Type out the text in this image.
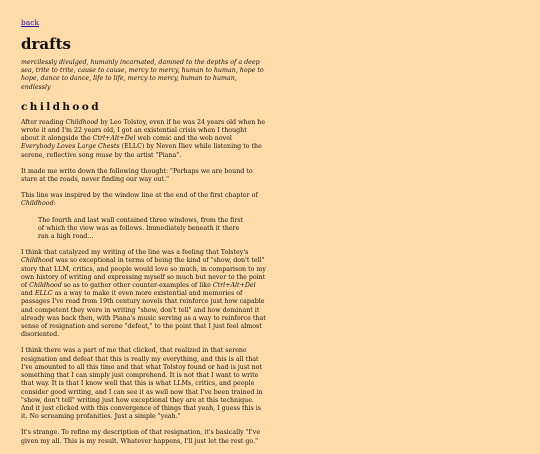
back
drafts
mercilessly divulged, humanly incarnated, damned to the depths of a deep sea, trite to trite, cause to cause, mercy to mercy, human to human, hope to hope, dance to dance, life to life, mercy to mercy, human to human, endlessly
childhood

After reading Childhood by Leo Tolstoy, even if he was 24 years old when he wrote it and I'm 22 years old, I got an existential crisis when I thought about it alongside the Ctrl+Alt+Del web comic and the web novel Everybody Loves Large Chests (ELLC) by Neven Iliev while listening to the serene, reflective song muse by the artist "Piana".

It made me write down the following thought: "Perhaps we are bound to stare at the roads, never finding our way out."

This line was inspired by the window line at the end of the first chapter of Childhood:

The fourth and last wall contained three windows, from the first of which the view was as follows. Immediately beneath it there ran a high road...

I think that catalyzed my writing of the line was a feeling that Tolstey's Childhood was so exceptional in terms of being the kind of "show, don't tell" story that LLM, critics, and people would love so much, in comparison to my own history of writing and expressing myself so much but never to the point of Childhood so as to gather other counter-examples of like Ctrl+Alt+Del and ELLC as a way to make it even more existential and memories of passages I've read from 19th century novels that reinforce just how capable and competent they were in writing "show, don't tell" and how dominant it already was back then, with Piana's music serving as a way to reinforce that sense of resignation and serene "defeat," to the point that I just feel almost disoriented.

I think there was a part of me that clicked, that realized in that serene resignation and defeat that this is really my everything, and this is all that I've amounted to all this time and that what Tolstoy found or had is just not something that I can simply just comprehend. It is not that I want to write that way. It is that I know well that this is what LLMs, critics, and people consider good writing, and I can see it as well now that I've been trained in "show, don't tell" writing just how exceptional they are at this technique. And it just clicked with this convergence of things that yeah, I guess this is it. No screaming profanities. Just a simple "yeah."

It's strange. To refine my description of that resignation, it's basically "I've given my all. This is my result. Whatever happens, I'll just let the rest go."
